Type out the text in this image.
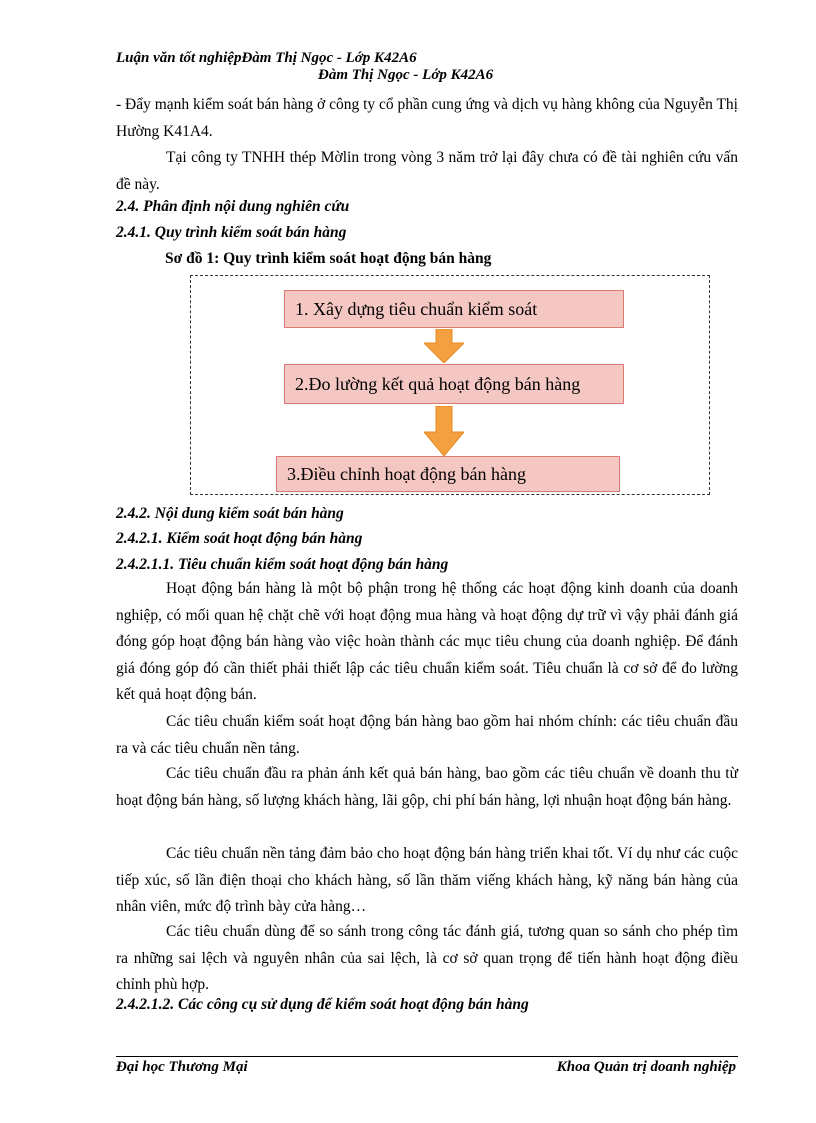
Luận văn tốt nghiệpĐàm Thị Ngọc - Lớp K42A6
Đàm Thị Ngọc - Lớp K42A6

- Đẩy mạnh kiểm soát bán hàng ở công ty cổ phần cung ứng và dịch vụ hàng không của Nguyễn Thị Hường K41A4.

Tại công ty TNHH thép Mờlin trong vòng 3 năm trở lại đây chưa có đề tài nghiên cứu vấn đề này.

2.4. Phân định nội dung nghiên cứu
2.4.1. Quy trình kiểm soát bán hàng
Sơ đồ 1: Quy trình kiểm soát hoạt động bán hàng
1. Xây dựng tiêu chuẩn kiểm soát
2.Đo lường kết quả hoạt động bán hàng
3.Điều chỉnh hoạt động bán hàng
2.4.2. Nội dung kiểm soát bán hàng
2.4.2.1. Kiểm soát hoạt động bán hàng
2.4.2.1.1. Tiêu chuẩn kiểm soát hoạt động bán hàng

Hoạt động bán hàng là một bộ phận trong hệ thống các hoạt động kinh doanh của doanh nghiệp, có mối quan hệ chặt chẽ với hoạt động mua hàng và hoạt động dự trữ vì vậy phải đánh giá đóng góp hoạt động bán hàng vào việc hoàn thành các mục tiêu chung của doanh nghiệp. Để đánh giá đóng góp đó cần thiết phải thiết lập các tiêu chuẩn kiểm soát. Tiêu chuẩn là cơ sở để đo lường kết quả hoạt động bán.

Các tiêu chuẩn kiểm soát hoạt động bán hàng bao gồm hai nhóm chính: các tiêu chuẩn đầu ra và các tiêu chuẩn nền tảng.

Các tiêu chuẩn đầu ra phản ánh kết quả bán hàng, bao gồm các tiêu chuẩn về doanh thu từ hoạt động bán hàng, số lượng khách hàng, lãi gộp, chi phí bán hàng, lợi nhuận hoạt động bán hàng.

Các tiêu chuẩn nền tảng đảm bảo cho hoạt động bán hàng triển khai tốt. Ví dụ như các cuộc tiếp xúc, số lần điện thoại cho khách hàng, số lần thăm viếng khách hàng, kỹ năng bán hàng của nhân viên, mức độ trình bày cửa hàng…

Các tiêu chuẩn dùng để so sánh trong công tác đánh giá, tương quan so sánh cho phép tìm ra những sai lệch và nguyên nhân của sai lệch, là cơ sở quan trọng để tiến hành hoạt động điều chỉnh phù hợp.

2.4.2.1.2. Các công cụ sử dụng để kiểm soát hoạt động bán hàng
Đại học Thương Mại	Khoa Quản trị doanh nghiệp
